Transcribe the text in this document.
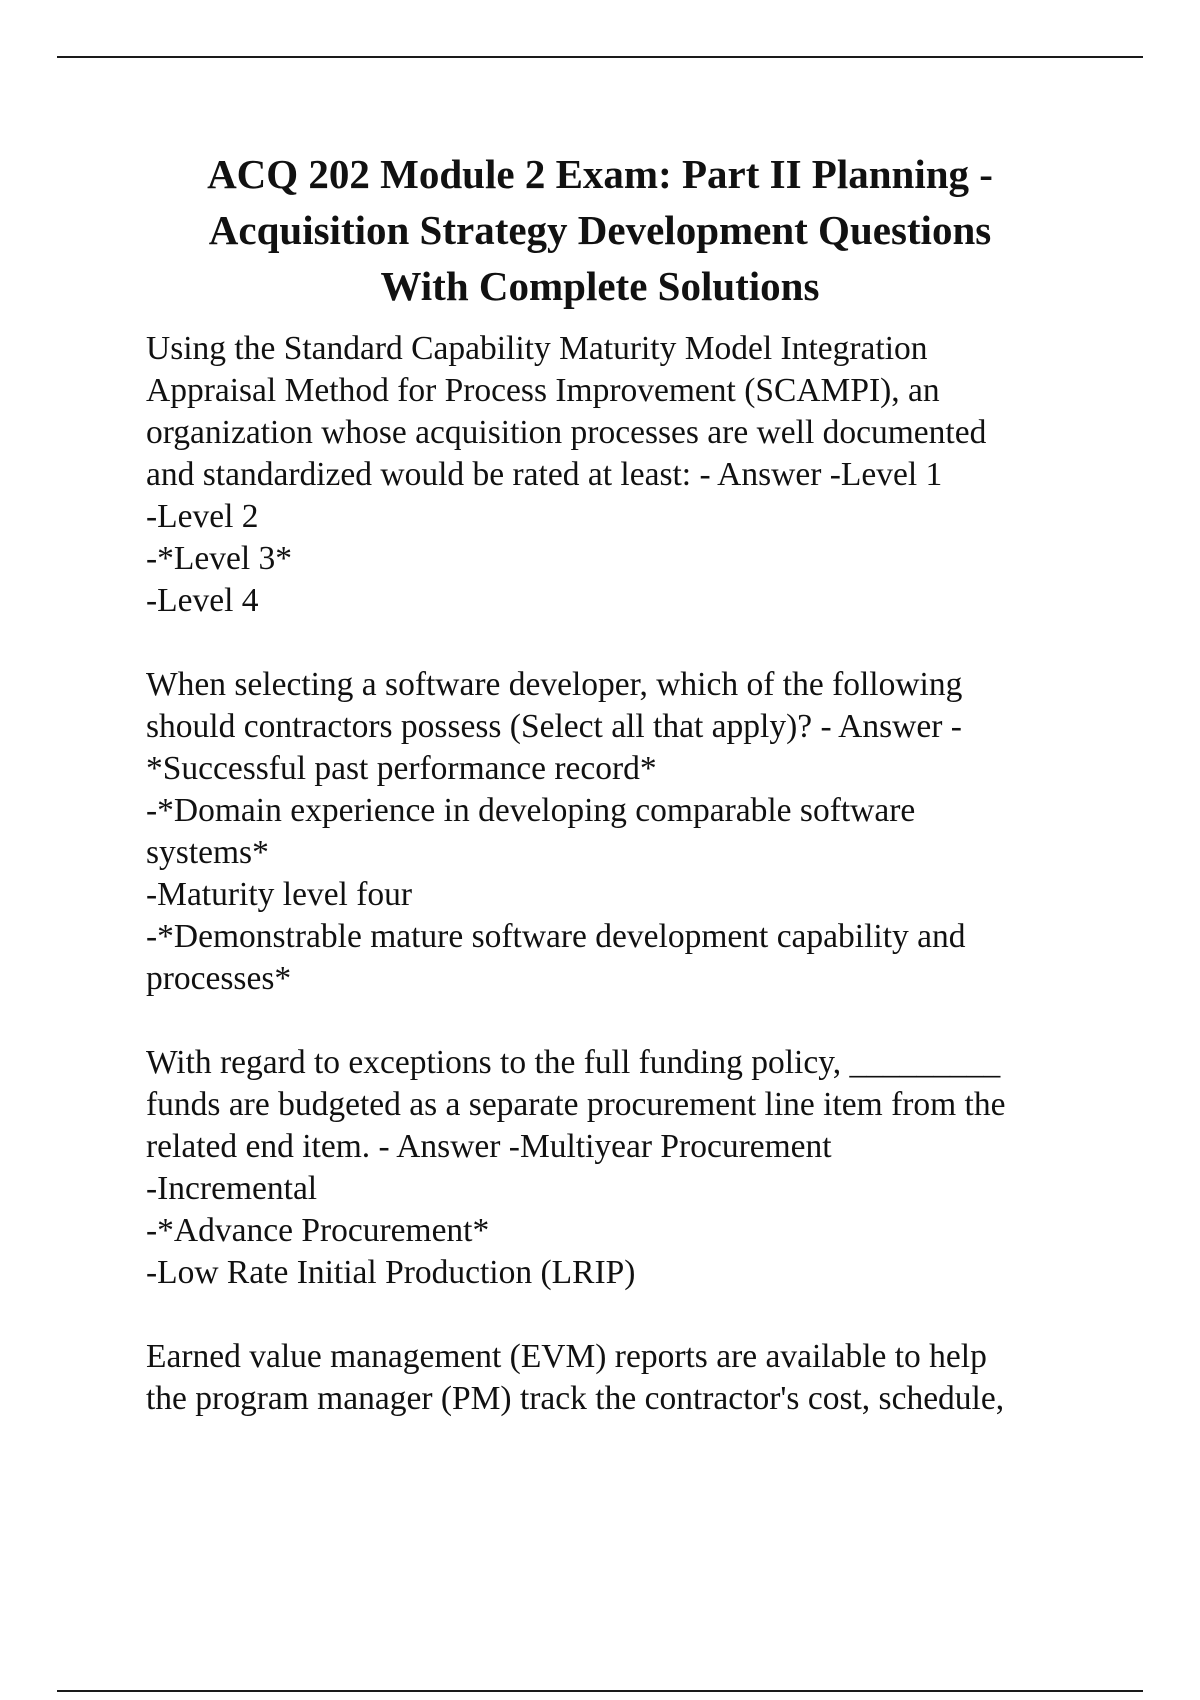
ACQ 202 Module 2 Exam: Part II Planning -
Acquisition Strategy Development Questions
With Complete Solutions
Using the Standard Capability Maturity Model Integration
Appraisal Method for Process Improvement (SCAMPI), an
organization whose acquisition processes are well documented
and standardized would be rated at least: - Answer -Level 1
-Level 2
-*Level 3*
-Level 4
When selecting a software developer, which of the following
should contractors possess (Select all that apply)? - Answer -
*Successful past performance record*
-*Domain experience in developing comparable software
systems*
-Maturity level four
-*Demonstrable mature software development capability and
processes*
With regard to exceptions to the full funding policy, _________
funds are budgeted as a separate procurement line item from the
related end item. - Answer -Multiyear Procurement
-Incremental
-*Advance Procurement*
-Low Rate Initial Production (LRIP)
Earned value management (EVM) reports are available to help
the program manager (PM) track the contractor's cost, schedule,
